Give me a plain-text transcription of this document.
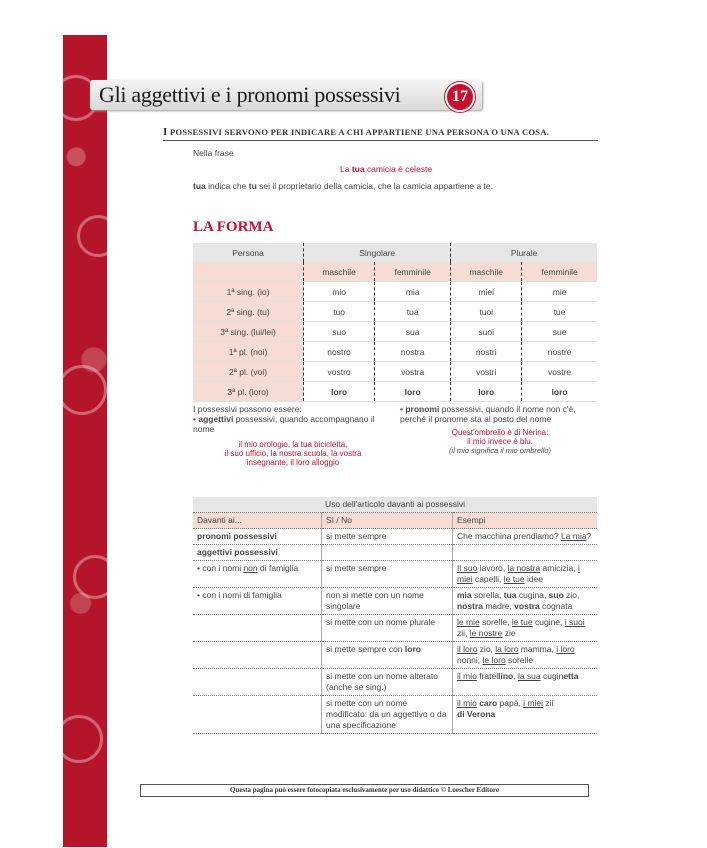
Gli aggettivi e i pronomi possessivi	17
I POSSESSIVI SERVONO PER INDICARE A CHI APPARTIENE UNA PERSONA O UNA COSA.
Nella frase
La tua camicia è celeste
tua indica che tu sei il proprietario della camicia, che la camicia appartiene a te.
LA FORMA
Persona	Singolare		Plurale	
	maschile	femminile	maschile	femminile
1ª sing. (io)	mio	mia	miei	mie
2ª sing. (tu)	tuo	tua	tuoi	tue
3ª sing. (lui/lei)	suo	sua	suoi	sue
1ª pl. (noi)	nostro	nostra	nostri	nostre
2ª pl. (voi)	vostro	vostra	vostri	vostre
3ª pl. (loro)	loro	loro	loro	loro
I possessivi possono essere:
• aggettivi possessivi, quando accompagnano il nome
il mio orologio, la tua bicicletta,
il suo ufficio, la nostra scuola, la vostra
insegnante, il loro alloggio
• pronomi possessivi, quando il nome non c'è, perché il pronome sta al posto del nome
Quest'ombrello è di Nerina:
il mio invece è blu.
(il mio significa il mio ombrello)
Uso dell'articolo davanti ai possessivi		
Davanti ai...	Sì / No	Esempi
pronomi possessivi	si mette sempre	Che macchina prendiamo? La mia?
aggettivi possessivi		
• con i nomi non di famiglia	si mette sempre	Il suo lavoro, la nostra amicizia, i miei capelli, le tue idee
• con i nomi di famiglia	non si mette con un nome singolare	mia sorella, tua cugina, suo zio, nostra madre, vostra cognata
	si mette con un nome plurale	le mie sorelle, le tue cugine, i suoi zii, le nostre zie
	si mette sempre con loro	il loro zio, la loro mamma, i loro nonni, le loro sorelle
	si mette con un nome alterato (anche se sing.)	il mio fratellino, la sua cuginetta
	si mette con un nome modificato: da un aggettivo o da una specificazione	il mio caro papà, i miei zii
di Verona
Questa pagina può essere fotocopiata esclusivamente per uso didattico © Loescher Editore
